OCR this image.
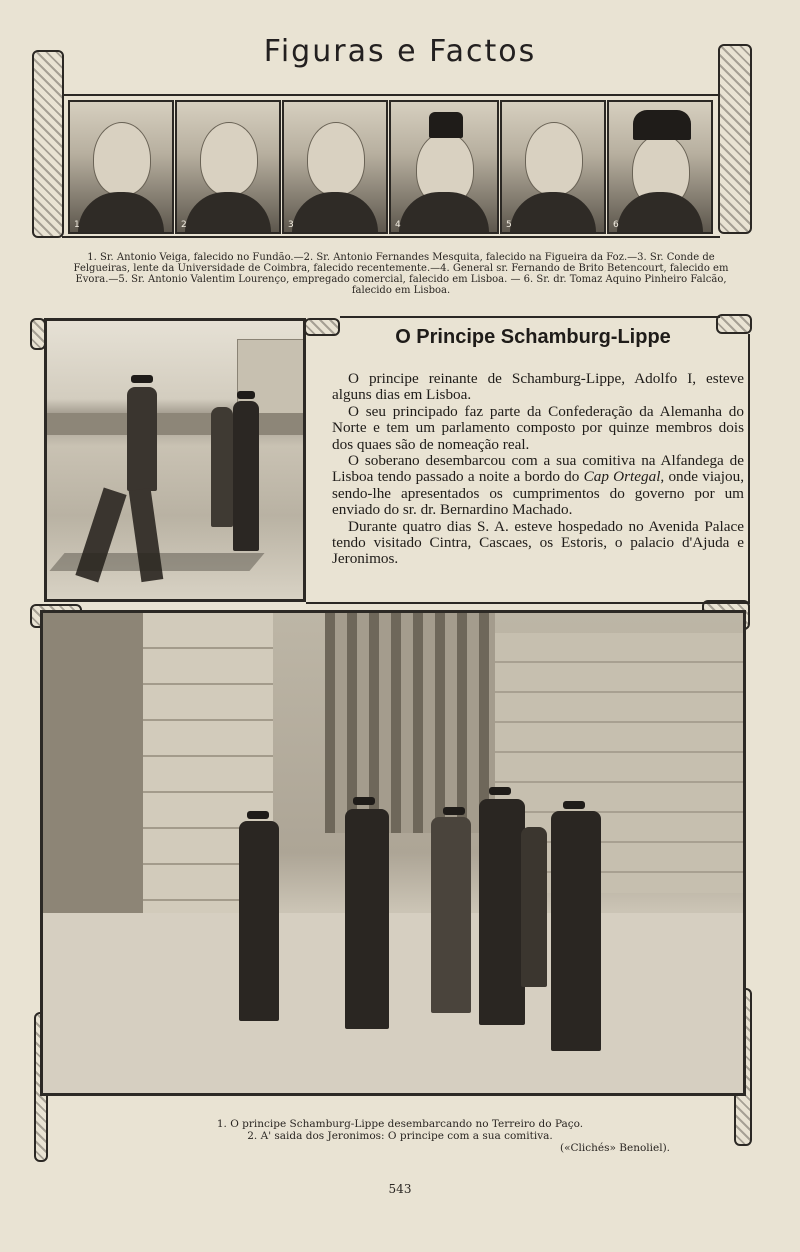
Figuras e Factos
1	2	3	4	5	6
1. Sr. Antonio Veiga, falecido no Fundão.—2. Sr. Antonio Fernandes Mesquita, falecido na Figueira da Foz.—3. Sr. Conde de Felgueiras, lente da Universidade de Coimbra, falecido recentemente.—4. General sr. Fernando de Brito Betencourt, falecido em Evora.—5. Sr. Antonio Valentim Lourenço, empregado comercial, falecido em Lisboa. — 6. Sr. dr. Tomaz Aquino Pinheiro Falcão, falecido em Lisboa.
O Principe Schamburg-Lippe

O principe reinante de Schamburg-Lippe, Adolfo I, esteve alguns dias em Lisboa.

O seu principado faz parte da Confederação da Alemanha do Norte e tem um parlamento composto por quinze membros dois dos quaes são de nomeação real.

O soberano desembarcou com a sua comitiva na Alfandega de Lisboa tendo passado a noite a bordo do Cap Ortegal, onde viajou, sendo-lhe apresentados os cumprimentos do governo por um enviado do sr. dr. Bernardino Machado.

Durante quatro dias S. A. esteve hospedado no Avenida Palace tendo visitado Cintra, Cascaes, os Estoris, o palacio d'Ajuda e Jeronimos.

1. O principe Schamburg-Lippe desembarcando no Terreiro do Paço.
2. A' saida dos Jeronimos: O principe com a sua comitiva.
(«Clichés» Benoliel).
543
